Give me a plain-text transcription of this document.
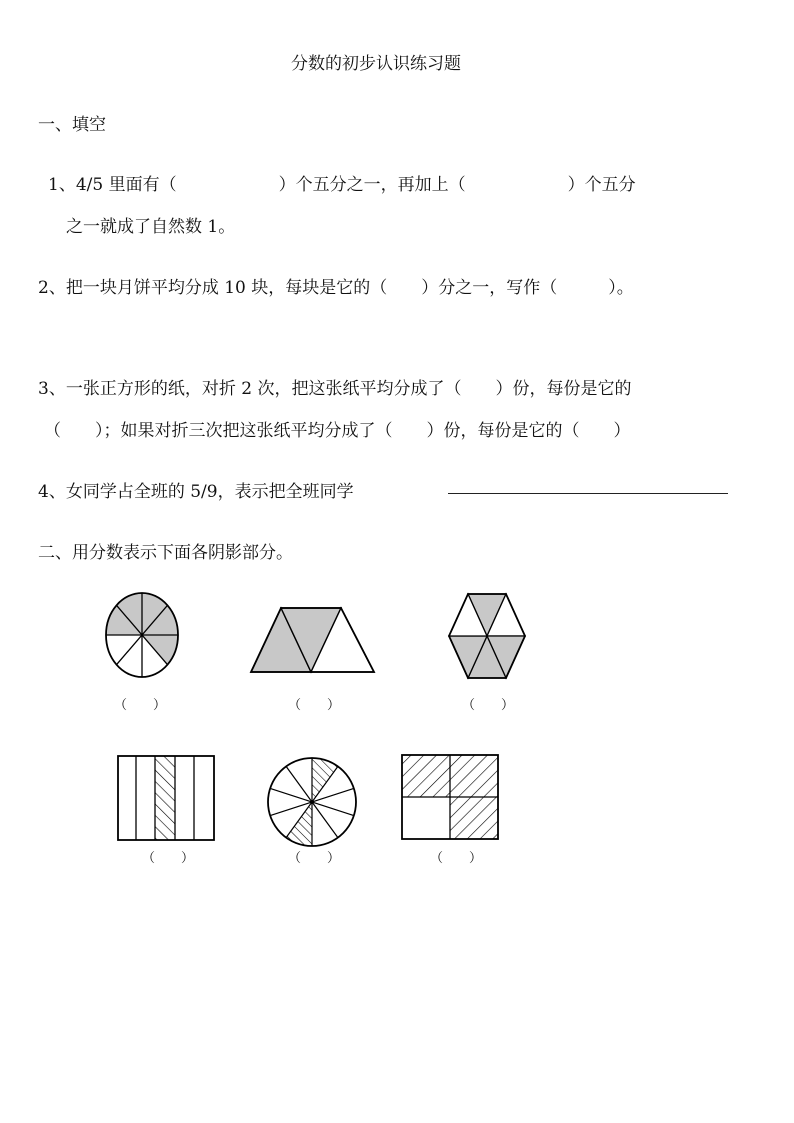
分数的初步认识练习题
一、填空
1、4/5 里面有（　　　　　　）个五分之一，再加上（　　　　　　）个五分
之一就成了自然数 1。
2、把一块月饼平均分成 10 块，每块是它的（　　）分之一，写作（　　　）。
3、一张正方形的纸，对折 2 次，把这张纸平均分成了（　　）份，每份是它的
（　　）；如果对折三次把这张纸平均分成了（　　）份，每份是它的（　　）
4、女同学占全班的 5/9，表示把全班同学
二、用分数表示下面各阴影部分。
（　　）	（　　）	（　　）
（　　）	（　　）	（　　）
